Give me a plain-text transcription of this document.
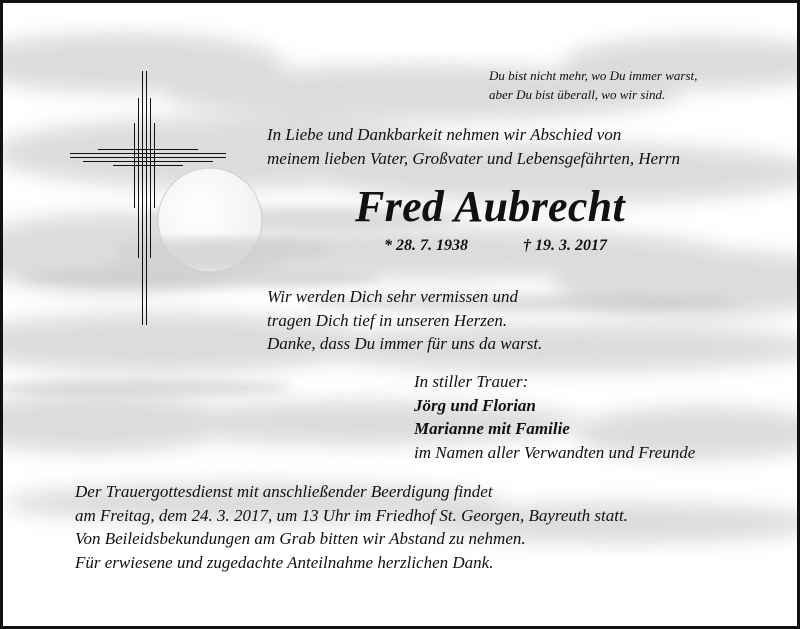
Du bist nicht mehr, wo Du immer warst,
aber Du bist überall, wo wir sind.
In Liebe und Dankbarkeit nehmen wir Abschied von
meinem lieben Vater, Großvater und Lebensgefährten, Herrn
Fred Aubrecht
* 28. 7. 1938	† 19. 3. 2017
Wir werden Dich sehr vermissen und
tragen Dich tief in unseren Herzen.
Danke, dass Du immer für uns da warst.
In stiller Trauer:
Jörg und Florian
Marianne mit Familie
im Namen aller Verwandten und Freunde
Der Trauergottesdienst mit anschließender Beerdigung findet
am Freitag, dem 24. 3. 2017, um 13 Uhr im Friedhof St. Georgen, Bayreuth statt.
Von Beileidsbekundungen am Grab bitten wir Abstand zu nehmen.
Für erwiesene und zugedachte Anteilnahme herzlichen Dank.
